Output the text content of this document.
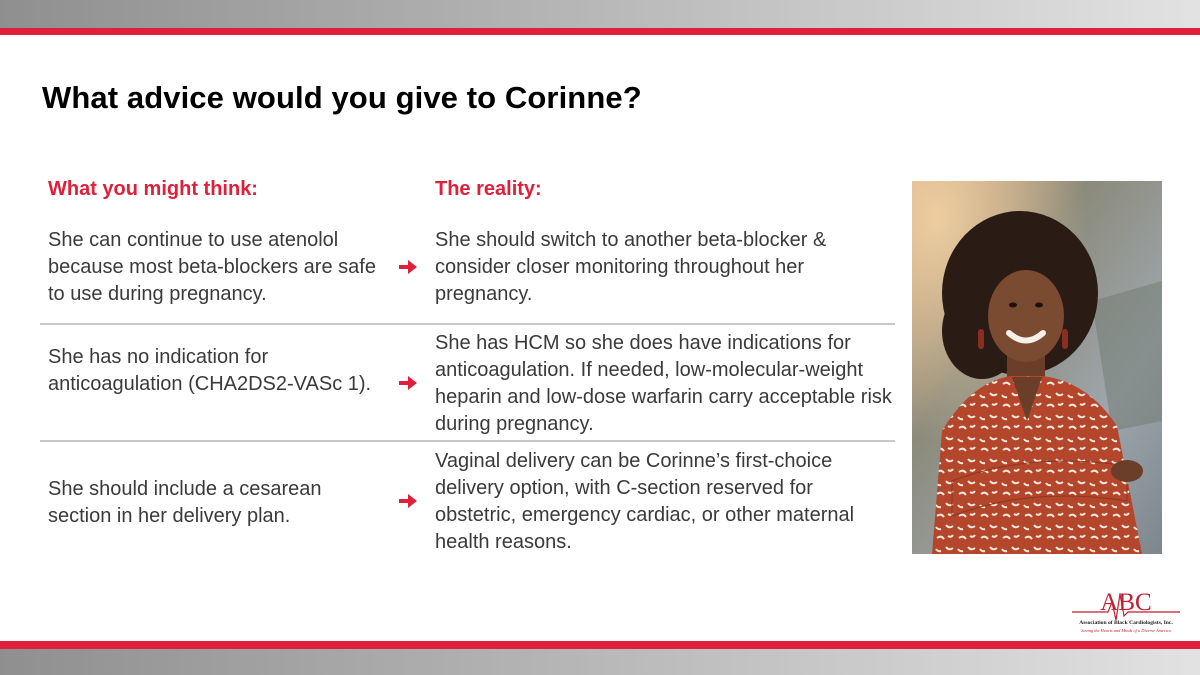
What advice would you give to Corinne?
What you might think:	The reality:
She can continue to use atenolol because most beta-blockers are safe to use during pregnancy.
She should switch to another beta-blocker & consider closer monitoring throughout her pregnancy.
She has no indication for anticoagulation (CHA2DS2-VASc 1).
She has HCM so she does have indications for anticoagulation. If needed, low-molecular-weight heparin and low-dose warfarin carry acceptable risk during pregnancy.
She should include a cesarean section in her delivery plan.
Vaginal delivery can be Corinne’s first-choice delivery option, with C-section reserved for obstetric, emergency cardiac, or other maternal health reasons.
ABC
Association of Black Cardiologists, Inc.
Saving the Hearts and Minds of a Diverse America
